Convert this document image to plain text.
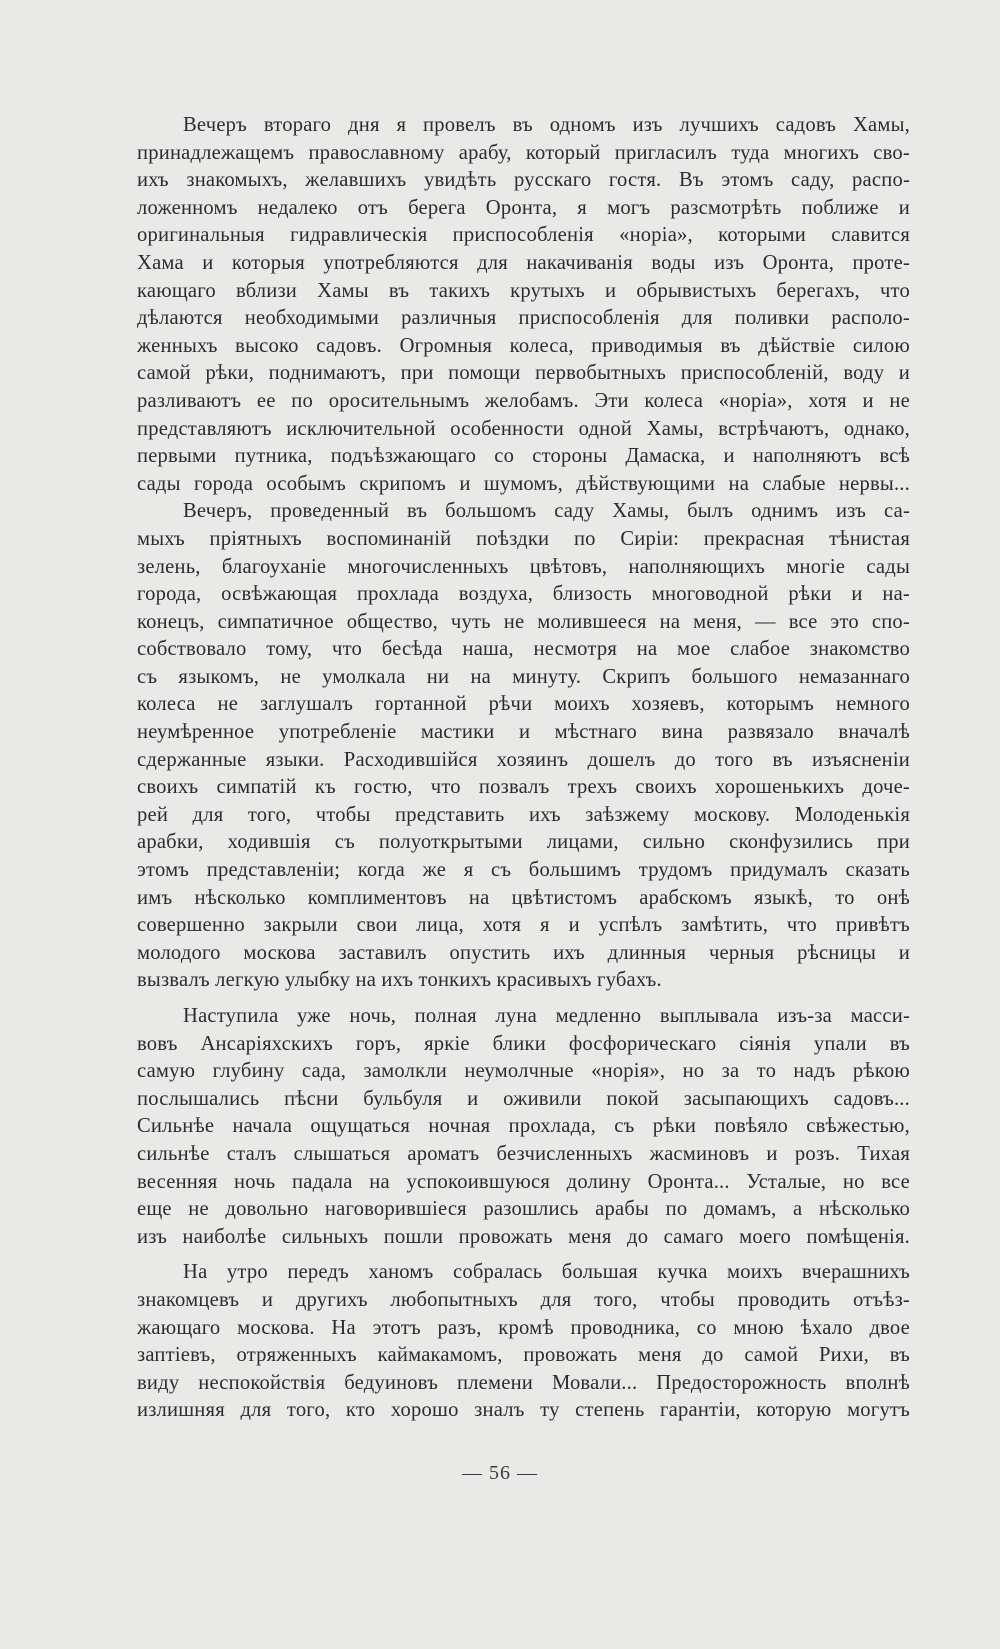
Вечеръ втораго дня я провелъ въ одномъ изъ лучшихъ садовъ Хамы,
принадлежащемъ православному арабу, который пригласилъ туда многихъ сво-
ихъ знакомыхъ, желавшихъ увидѣть русскаго гостя. Въ этомъ саду, распо-
ложенномъ недалеко отъ берега Оронта, я могъ разсмотрѣть поближе и
оригинальныя гидравлическія приспособленія «норіа», которыми славится
Хама и которыя употребляются для накачиванія воды изъ Оронта, проте-
кающаго вблизи Хамы въ такихъ крутыхъ и обрывистыхъ берегахъ, что
дѣлаются необходимыми различныя приспособленія для поливки располо-
женныхъ высоко садовъ. Огромныя колеса, приводимыя въ дѣйствіе силою
самой рѣки, поднимаютъ, при помощи первобытныхъ приспособленій, воду и
разливаютъ ее по оросительнымъ желобамъ. Эти колеса «норіа», хотя и не
представляютъ исключительной особенности одной Хамы, встрѣчаютъ, однако,
первыми путника, подъѣзжающаго со стороны Дамаска, и наполняютъ всѣ
сады города особымъ скрипомъ и шумомъ, дѣйствующими на слабые нервы...
Вечеръ, проведенный въ большомъ саду Хамы, былъ однимъ изъ са-
мыхъ пріятныхъ воспоминаній поѣздки по Сиріи: прекрасная тѣнистая
зелень, благоуханіе многочисленныхъ цвѣтовъ, наполняющихъ многіе сады
города, освѣжающая прохлада воздуха, близость многоводной рѣки и на-
конецъ, симпатичное общество, чуть не молившееся на меня, — все это спо-
собствовало тому, что бесѣда наша, несмотря на мое слабое знакомство
съ языкомъ, не умолкала ни на минуту. Скрипъ большого немазаннаго
колеса не заглушалъ гортанной рѣчи моихъ хозяевъ, которымъ немного
неумѣренное употребленіе мастики и мѣстнаго вина развязало вначалѣ
сдержанные языки. Расходившійся хозяинъ дошелъ до того въ изъясненіи
своихъ симпатій къ гостю, что позвалъ трехъ своихъ хорошенькихъ доче-
рей для того, чтобы представить ихъ заѣзжему москову. Молоденькія
арабки, ходившія съ полуоткрытыми лицами, сильно сконфузились при
этомъ представленіи; когда же я съ большимъ трудомъ придумалъ сказать
имъ нѣсколько комплиментовъ на цвѣтистомъ арабскомъ языкѣ, то онѣ
совершенно закрыли свои лица, хотя я и успѣлъ замѣтить, что привѣтъ
молодого москова заставилъ опустить ихъ длинныя черныя рѣсницы и
вызвалъ легкую улыбку на ихъ тонкихъ красивыхъ губахъ.
Наступила уже ночь, полная луна медленно выплывала изъ-за масси-
вовъ Ансаріяхскихъ горъ, яркіе блики фосфорическаго сіянія упали въ
самую глубину сада, замолкли неумолчные «норія», но за то надъ рѣкою
послышались пѣсни бульбуля и оживили покой засыпающихъ садовъ...
Сильнѣе начала ощущаться ночная прохлада, съ рѣки повѣяло свѣжестью,
сильнѣе сталъ слышаться ароматъ безчисленныхъ жасминовъ и розъ. Тихая
весенняя ночь падала на успокоившуюся долину Оронта... Усталые, но все
еще не довольно наговорившіеся разошлись арабы по домамъ, а нѣсколько
изъ наиболѣе сильныхъ пошли провожать меня до самаго моего помѣщенія.
На утро передъ ханомъ собралась большая кучка моихъ вчерашнихъ
знакомцевъ и другихъ любопытныхъ для того, чтобы проводить отъѣз-
жающаго москова. На этотъ разъ, кромѣ проводника, со мною ѣхало двое
заптіевъ, отряженныхъ каймакамомъ, провожать меня до самой Рихи, въ
виду неспокойствія бедуиновъ племени Мовали... Предосторожность вполнѣ
излишняя для того, кто хорошо зналъ ту степень гарантіи, которую могутъ
— 56 —
